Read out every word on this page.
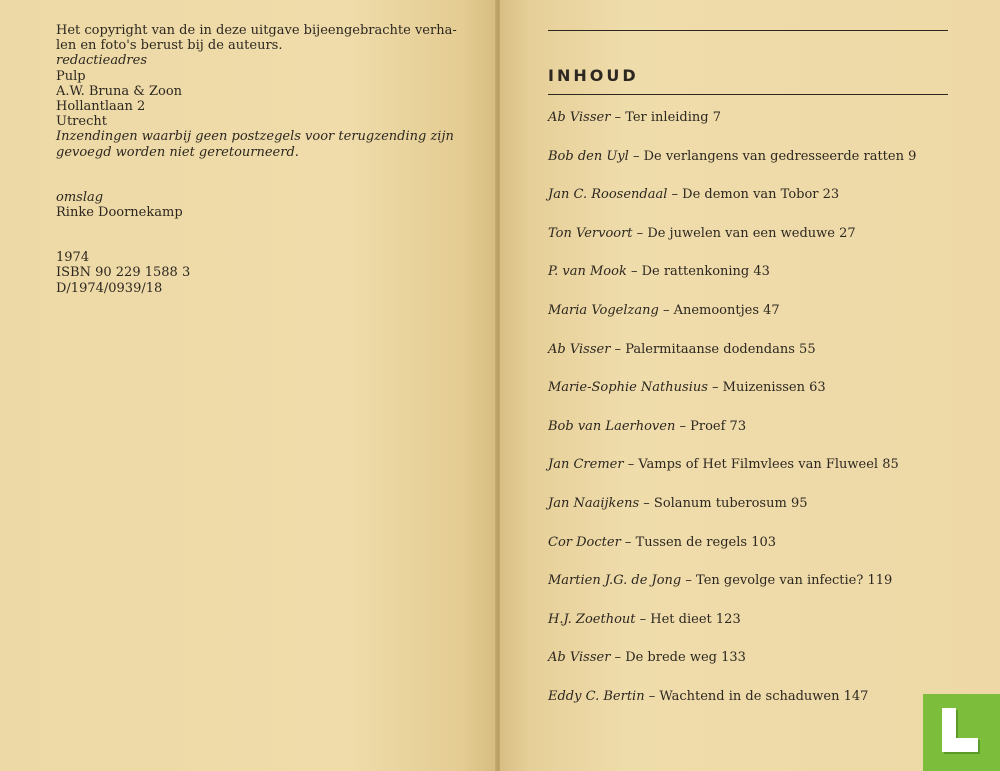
Het copyright van de in deze uitgave bijeengebrachte verha-
len en foto's berust bij de auteurs.
redactieadres
Pulp
A.W. Bruna & Zoon
Hollantlaan 2
Utrecht
Inzendingen waarbij geen postzegels voor terugzending zijn
gevoegd worden niet geretourneerd.
omslag
Rinke Doornekamp
1974
ISBN 90 229 1588 3
D/1974/0939/18
INHOUD
Ab Visser – Ter inleiding 7
Bob den Uyl – De verlangens van gedresseerde ratten 9
Jan C. Roosendaal – De demon van Tobor 23
Ton Vervoort – De juwelen van een weduwe 27
P. van Mook – De rattenkoning 43
Maria Vogelzang – Anemoontjes 47
Ab Visser – Palermitaanse dodendans 55
Marie-Sophie Nathusius – Muizenissen 63
Bob van Laerhoven – Proef 73
Jan Cremer – Vamps of Het Filmvlees van Fluweel 85
Jan Naaijkens – Solanum tuberosum 95
Cor Docter – Tussen de regels 103
Martien J.G. de Jong – Ten gevolge van infectie? 119
H.J. Zoethout – Het dieet 123
Ab Visser – De brede weg 133
Eddy C. Bertin – Wachtend in de schaduwen 147
